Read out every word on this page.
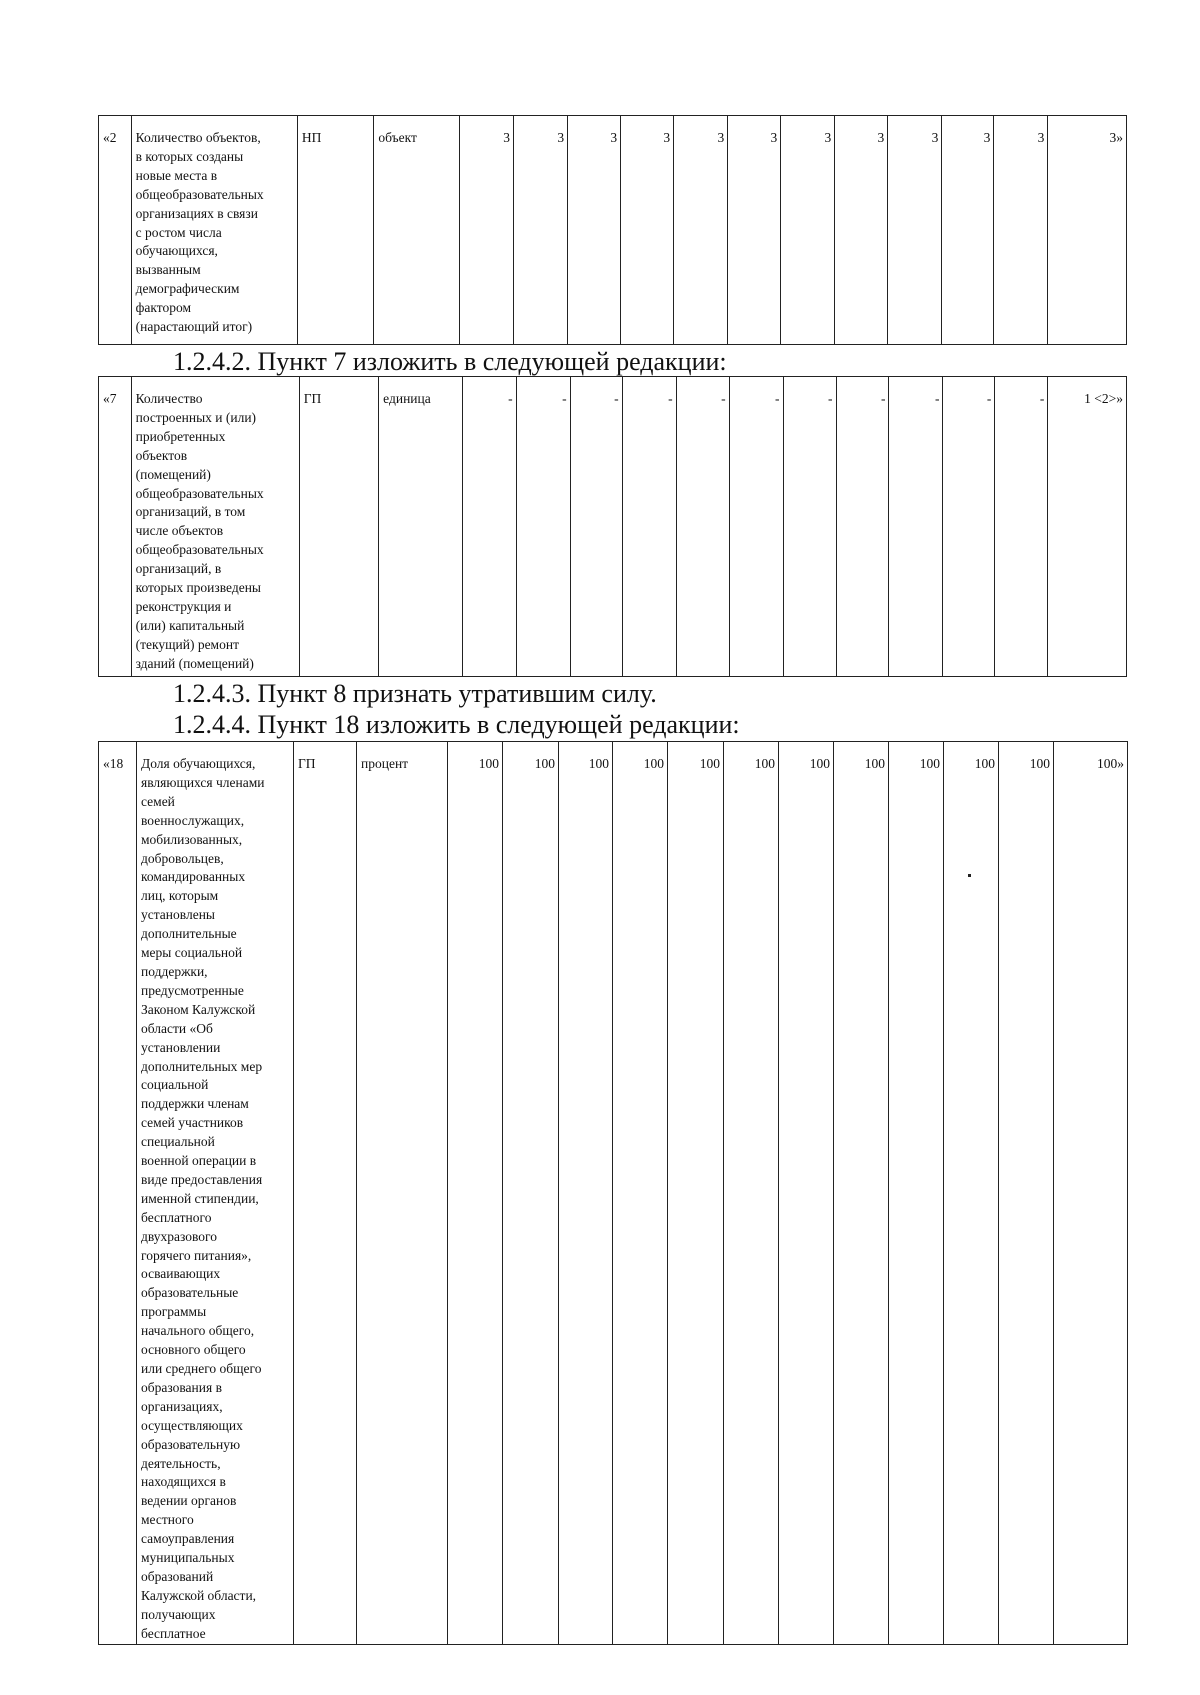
«2	Количество объектов,
в которых созданы
новые места в
общеобразовательных
организациях в связи
с ростом числа
обучающихся,
вызванным
демографическим
фактором
(нарастающий итог)	НП	объект	3	3	3	3	3	3	3	3	3	3	3	3»
1.2.4.2. Пункт 7 изложить в следующей редакции:
«7	Количество
построенных и (или)
приобретенных
объектов
(помещений)
общеобразовательных
организаций, в том
числе объектов
общеобразовательных
организаций, в
которых произведены
реконструкция и
(или) капитальный
(текущий) ремонт
зданий (помещений)	ГП	единица	-	-	-	-	-	-	-	-	-	-	-	1 <2>»
1.2.4.3. Пункт 8 признать утратившим силу.
1.2.4.4. Пункт 18 изложить в следующей редакции:
«18	Доля обучающихся,
являющихся членами
семей
военнослужащих,
мобилизованных,
добровольцев,
командированных
лиц, которым
установлены
дополнительные
меры социальной
поддержки,
предусмотренные
Законом Калужской
области «Об
установлении
дополнительных мер
социальной
поддержки членам
семей участников
специальной
военной операции в
виде предоставления
именной стипендии,
бесплатного
двухразового
горячего питания»,
осваивающих
образовательные
программы
начального общего,
основного общего
или среднего общего
образования в
организациях,
осуществляющих
образовательную
деятельность,
находящихся в
ведении органов
местного
самоуправления
муниципальных
образований
Калужской области,
получающих
бесплатное	ГП	процент	100	100	100	100	100	100	100	100	100	100	100	100»
